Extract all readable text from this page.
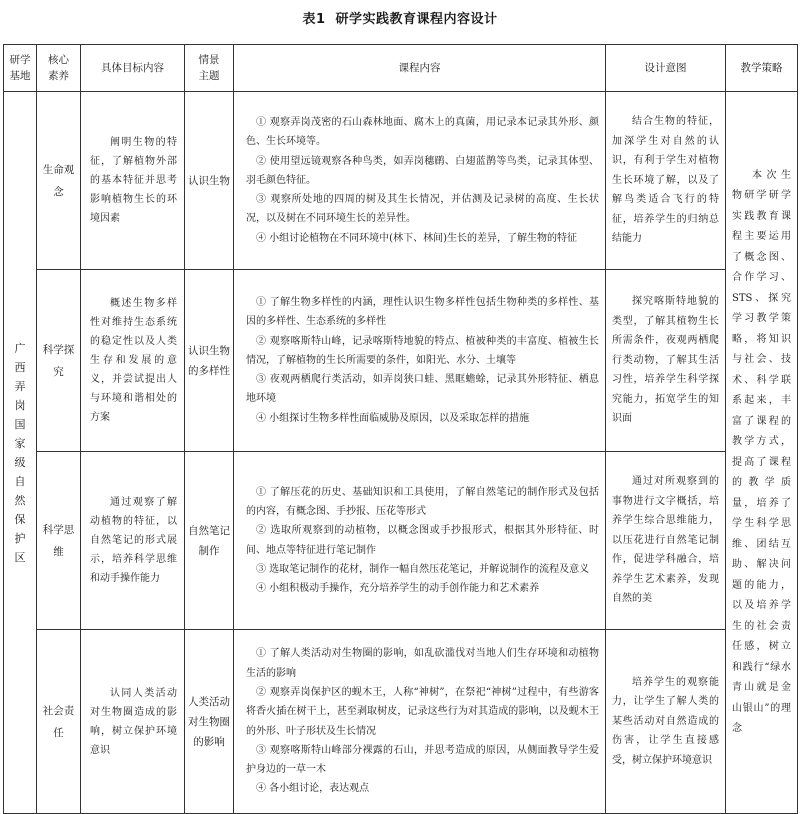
表1 研学实践教育课程内容设计
研学基地	核心素养	具体目标内容	情景主题	课程内容	设计意图	教学策略

广西弄岗国家级自然保护区	生命观念	阐明生物的特征，了解植物外部的基本特征并思考影响植物生长的环境因素	认识生物	① 观察弄岗茂密的石山森林地面、腐木上的真菌，用记录本记录其外形、颜色、生长环境等。

② 使用望远镜观察各种鸟类，如弄岗穗鹛、白翅蓝鹊等鸟类，记录其体型、羽毛颜色特征。

③ 观察所处地的四周的树及其生长情况，并估测及记录树的高度、生长状况，以及树在不同环境生长的差异性。

④ 小组讨论植物在不同环境中(林下、林间)生长的差异，了解生物的特征	结合生物的特征，加深学生对自然的认识，有利于学生对植物生长环境了解，以及了解鸟类适合飞行的特征，培养学生的归纳总结能力	本次生物研学研学实践教育课程主要运用了概念图、合作学习、STS、探究学习教学策略，将知识与社会、技术、科学联系起来，丰富了课程的教学方式，提高了课程的教学质量，培养了学生科学思维、团结互助、解决问题的能力，以及培养学生的社会责任感，树立和践行“绿水青山就是金山银山”的理念
	科学探究	概述生物多样性对维持生态系统的稳定性以及人类生存和发展的意义，并尝试提出人与环境和谐相处的方案	认识生物的多样性	① 了解生物多样性的内涵，理性认识生物多样性包括生物种类的多样性、基因的多样性、生态系统的多样性

② 观察喀斯特山峰，记录喀斯特地貌的特点、植被种类的丰富度、植被生长情况，了解植物的生长所需要的条件，如阳光、水分、土壤等

③ 夜观两栖爬行类活动，如弄岗狭口蛙、黑眶蟾蜍，记录其外形特征、栖息地环境

④ 小组探讨生物多样性面临威胁及原因，以及采取怎样的措施	探究喀斯特地貌的类型，了解其植物生长所需条件，夜观两栖爬行类动物，了解其生活习性，培养学生科学探究能力，拓宽学生的知识面	
	科学思维	通过观察了解动植物的特征，以自然笔记的形式展示，培养科学思维和动手操作能力	自然笔记制作	① 了解压花的历史、基础知识和工具使用，了解自然笔记的制作形式及包括的内容，有概念图、手抄报、压花等形式

② 选取所观察到的动植物，以概念图或手抄报形式，根据其外形特征、时间、地点等特征进行笔记制作

③ 选取笔记制作的花材，制作一幅自然压花笔记，并解说制作的流程及意义

④ 小组积极动手操作，充分培养学生的动手创作能力和艺术素养	通过对所观察到的事物进行文字概括，培养学生综合思维能力，以压花进行自然笔记制作，促进学科融合，培养学生艺术素养，发现自然的美	
	社会责任	认同人类活动对生物圈造成的影响，树立保护环境意识	人类活动对生物圈的影响	① 了解人类活动对生物圈的影响，如乱砍滥伐对当地人们生存环境和动植物生活的影响

② 观察弄岗保护区的蚬木王，人称“神树”，在祭祀“神树”过程中，有些游客将香火插在树干上，甚至剥取树皮，记录这些行为对其造成的影响，以及蚬木王的外形、叶子形状及生长情况

③ 观察喀斯特山峰部分裸露的石山，并思考造成的原因，从侧面教导学生爱护身边的一草一木

④ 各小组讨论，表达观点	培养学生的观察能力，让学生了解人类的某些活动对自然造成的伤害，让学生直接感受，树立保护环境意识	
